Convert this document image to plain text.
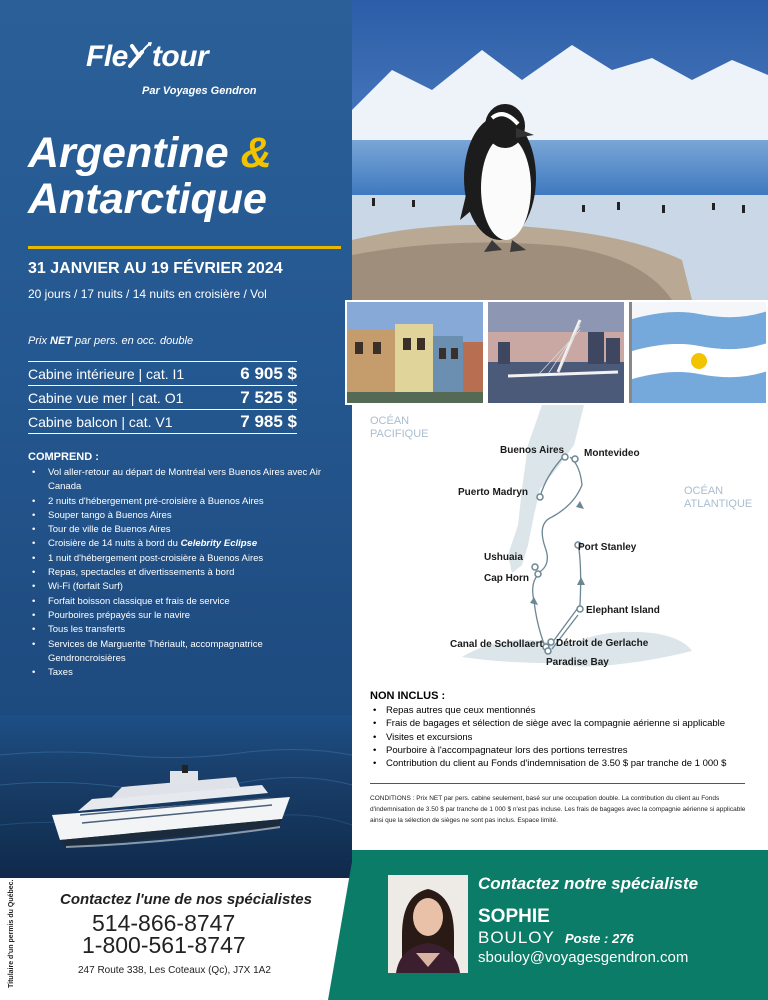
Fle tour
Par Voyages Gendron
Argentine &
Antarctique
31 JANVIER AU 19 FÉVRIER 2024
20 jours / 17 nuits / 14 nuits en croisière / Vol
Prix NET par pers. en occ. double
Cabine intérieure | cat. I1	6 905 $
Cabine vue mer | cat. O1	7 525 $
Cabine balcon | cat. V1	7 985 $
COMPREND :
• Vol aller-retour au départ de Montréal vers Buenos Aires avec Air Canada
• 2 nuits d'hébergement pré-croisière à Buenos Aires
• Souper tango à Buenos Aires
• Tour de ville de Buenos Aires
• Croisière de 14 nuits à bord du Celebrity Eclipse
• 1 nuit d'hébergement post-croisière à Buenos Aires
• Repas, spectacles et divertissements à bord
• Wi-Fi (forfait Surf)
• Forfait boisson classique et frais de service
• Pourboires prépayés sur le navire
• Tous les transferts
• Services de Marguerite Thériault, accompagnatrice Gendroncroisières
• Taxes
OCÉAN
PACIFIQUE
OCÉAN
ATLANTIQUE
Buenos Aires Montevideo
Puerto Madryn
Port Stanley
Ushuaia
Cap Horn
Elephant Island
Détroit de Gerlache
Canal de Schollaert
Paradise Bay
NON INCLUS :
• Repas autres que ceux mentionnés
• Frais de bagages et sélection de siège avec la compagnie aérienne si applicable
• Visites et excursions
• Pourboire à l'accompagnateur lors des portions terrestres
• Contribution du client au Fonds d'indemnisation de 3.50 $ par tranche de 1 000 $
CONDITIONS : Prix NET par pers. cabine seulement, basé sur une occupation double. La contribution du client au Fonds d'indemnisation de 3.50 $ par tranche de 1 000 $ n'est pas incluse. Les frais de bagages avec la compagnie aérienne si applicable ainsi que la sélection de sièges ne sont pas inclus. Espace limité.
Contactez notre spécialiste
SOPHIE
BOULOY Poste : 276
sbouloy@voyagesgendron.com
Titulaire d'un permis du Québec.	Contactez l'une de nos spécialistes
514-866-8747
1-800-561-8747
247 Route 338, Les Coteaux (Qc), J7X 1A2
